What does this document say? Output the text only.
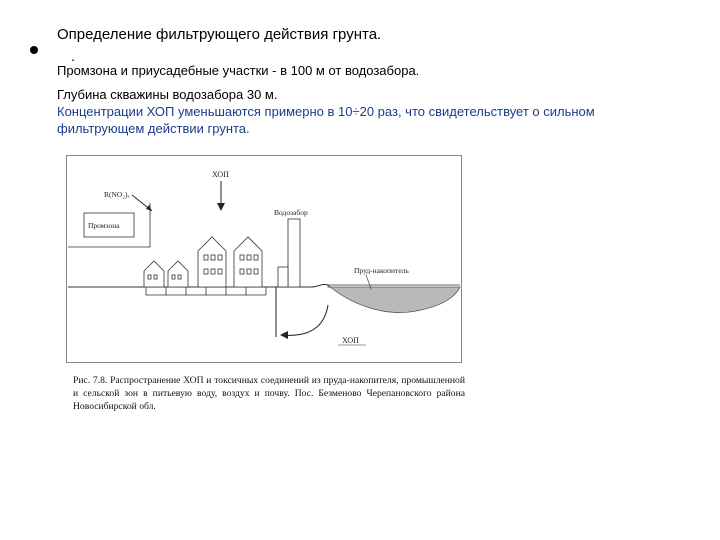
Определение фильтрующего действия грунта.
.
Промзона и приусадебные участки - в 100 м от водозабора.
Глубина скважины водозабора 30 м.
Концентрации ХОП уменьшаются примерно в 10÷20 раз, что свидетельствует о сильном фильтрующем действии грунта.
Промзона
R(NO₂)ₓ
ХОП
Водозабор
Пруд-накопитель
ХОП
Рис. 7.8. Распространение ХОП и токсичных соединений из пруда-накопителя, промышленной и сельской зон в питьевую воду, воздух и почву. Пос. Безменово Черепановского района Новосибирской обл.
